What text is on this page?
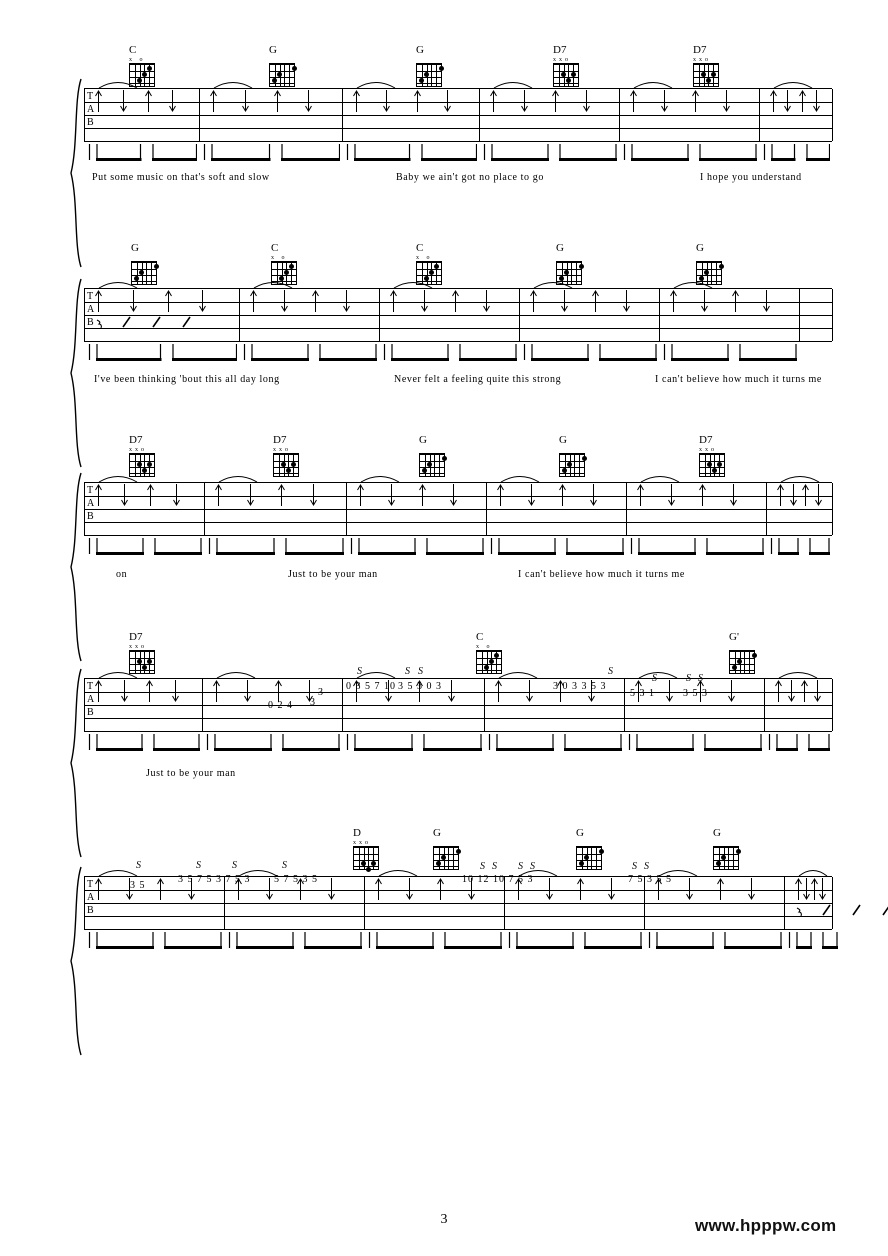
C
x o
G	G	D7
xxo
D7
xxo
T
A
B
Put some music on that's soft and slow	Baby we ain't got no place to go	I hope you understand
G	C
x o
C
x o
G	G
T
A
B
I've been thinking 'bout this all day long	Never felt a feeling quite this strong	I can't believe how much it turns me
D7
xxo
D7
xxo
G	G	D7
xxo
T
A
B
on	Just to be your man	I can't believe how much it turns me
D7
xxo
C
x o
G'
T
A
B
3
0 3 5 7 10 3 5 3 0 3
0 2 4 3
3 0 3 3 5 3
5 3 1	3 5 3
S	S S	S
S	S S
Just to be your man
D
xxo
G	G	G
T
A
B
3 5
3 5 7 5 3 7 5 3 5 7 5 3 5	10 12 10 7 5 3	7 5 3 5 5
S	S	S	S	S S S S	S S
3	www.hpppw.com
